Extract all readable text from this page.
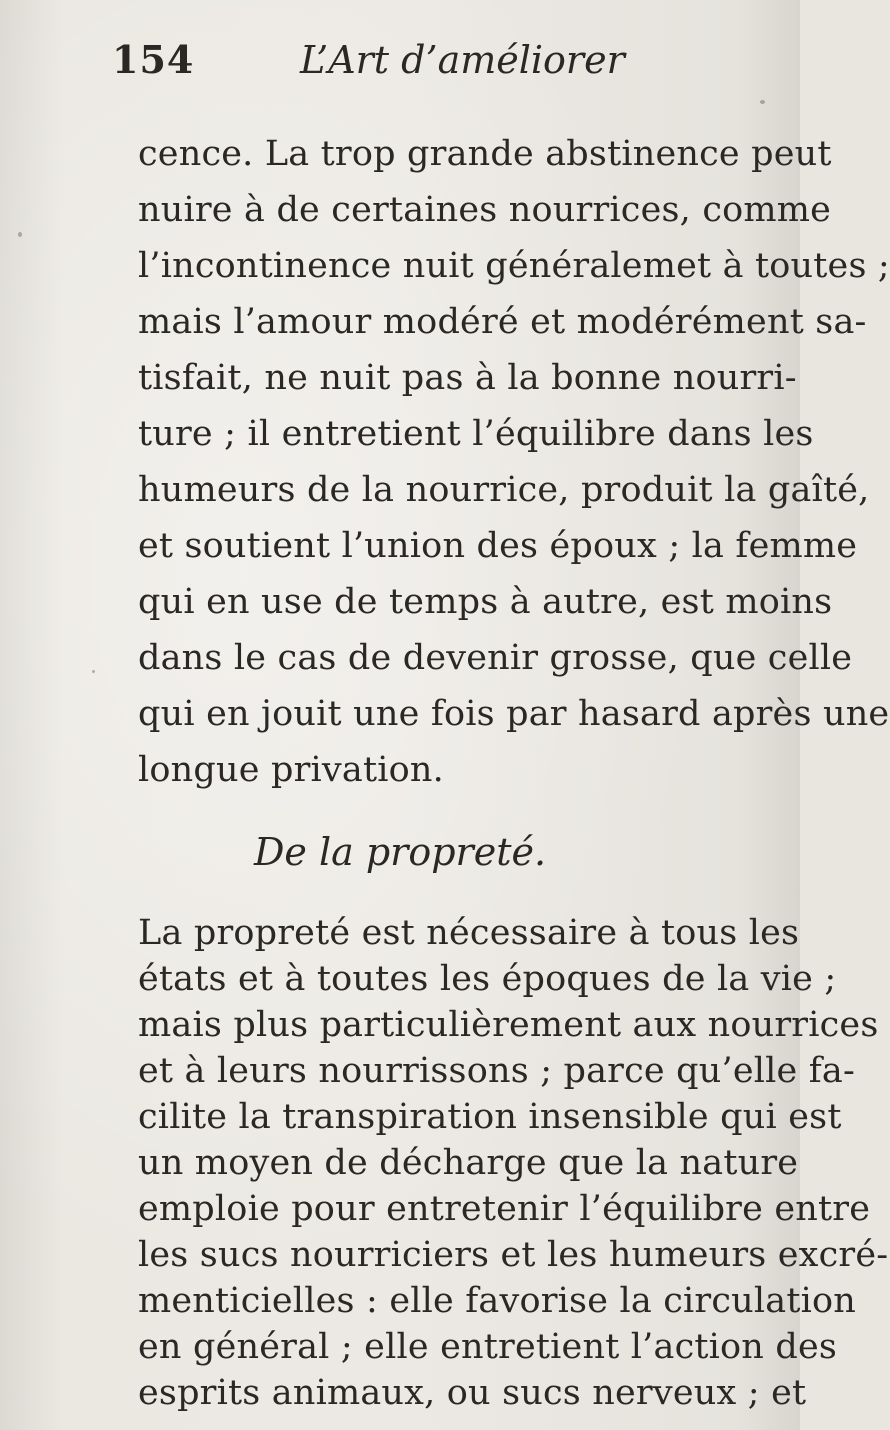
154	L’Art d’améliorer
cence. La trop grande abstinence peut
nuire à de certaines nourrices, comme
l’incontinence nuit généralemet à toutes ;
mais l’amour modéré et modérément sa-
tisfait, ne nuit pas à la bonne nourri-
ture ; il entretient l’équilibre dans les
humeurs de la nourrice, produit la gaîté,
et soutient l’union des époux ; la femme
qui en use de temps à autre, est moins
dans le cas de devenir grosse, que celle
qui en jouit une fois par hasard après une
longue privation.
De la propreté.
La propreté est nécessaire à tous les
états et à toutes les époques de la vie ;
mais plus particulièrement aux nourrices
et à leurs nourrissons ; parce qu’elle fa-
cilite la transpiration insensible qui est
un moyen de décharge que la nature
emploie pour entretenir l’équilibre entre
les sucs nourriciers et les humeurs excré-
menticielles : elle favorise la circulation
en général ; elle entretient l’action des
esprits animaux, ou sucs nerveux ; et
